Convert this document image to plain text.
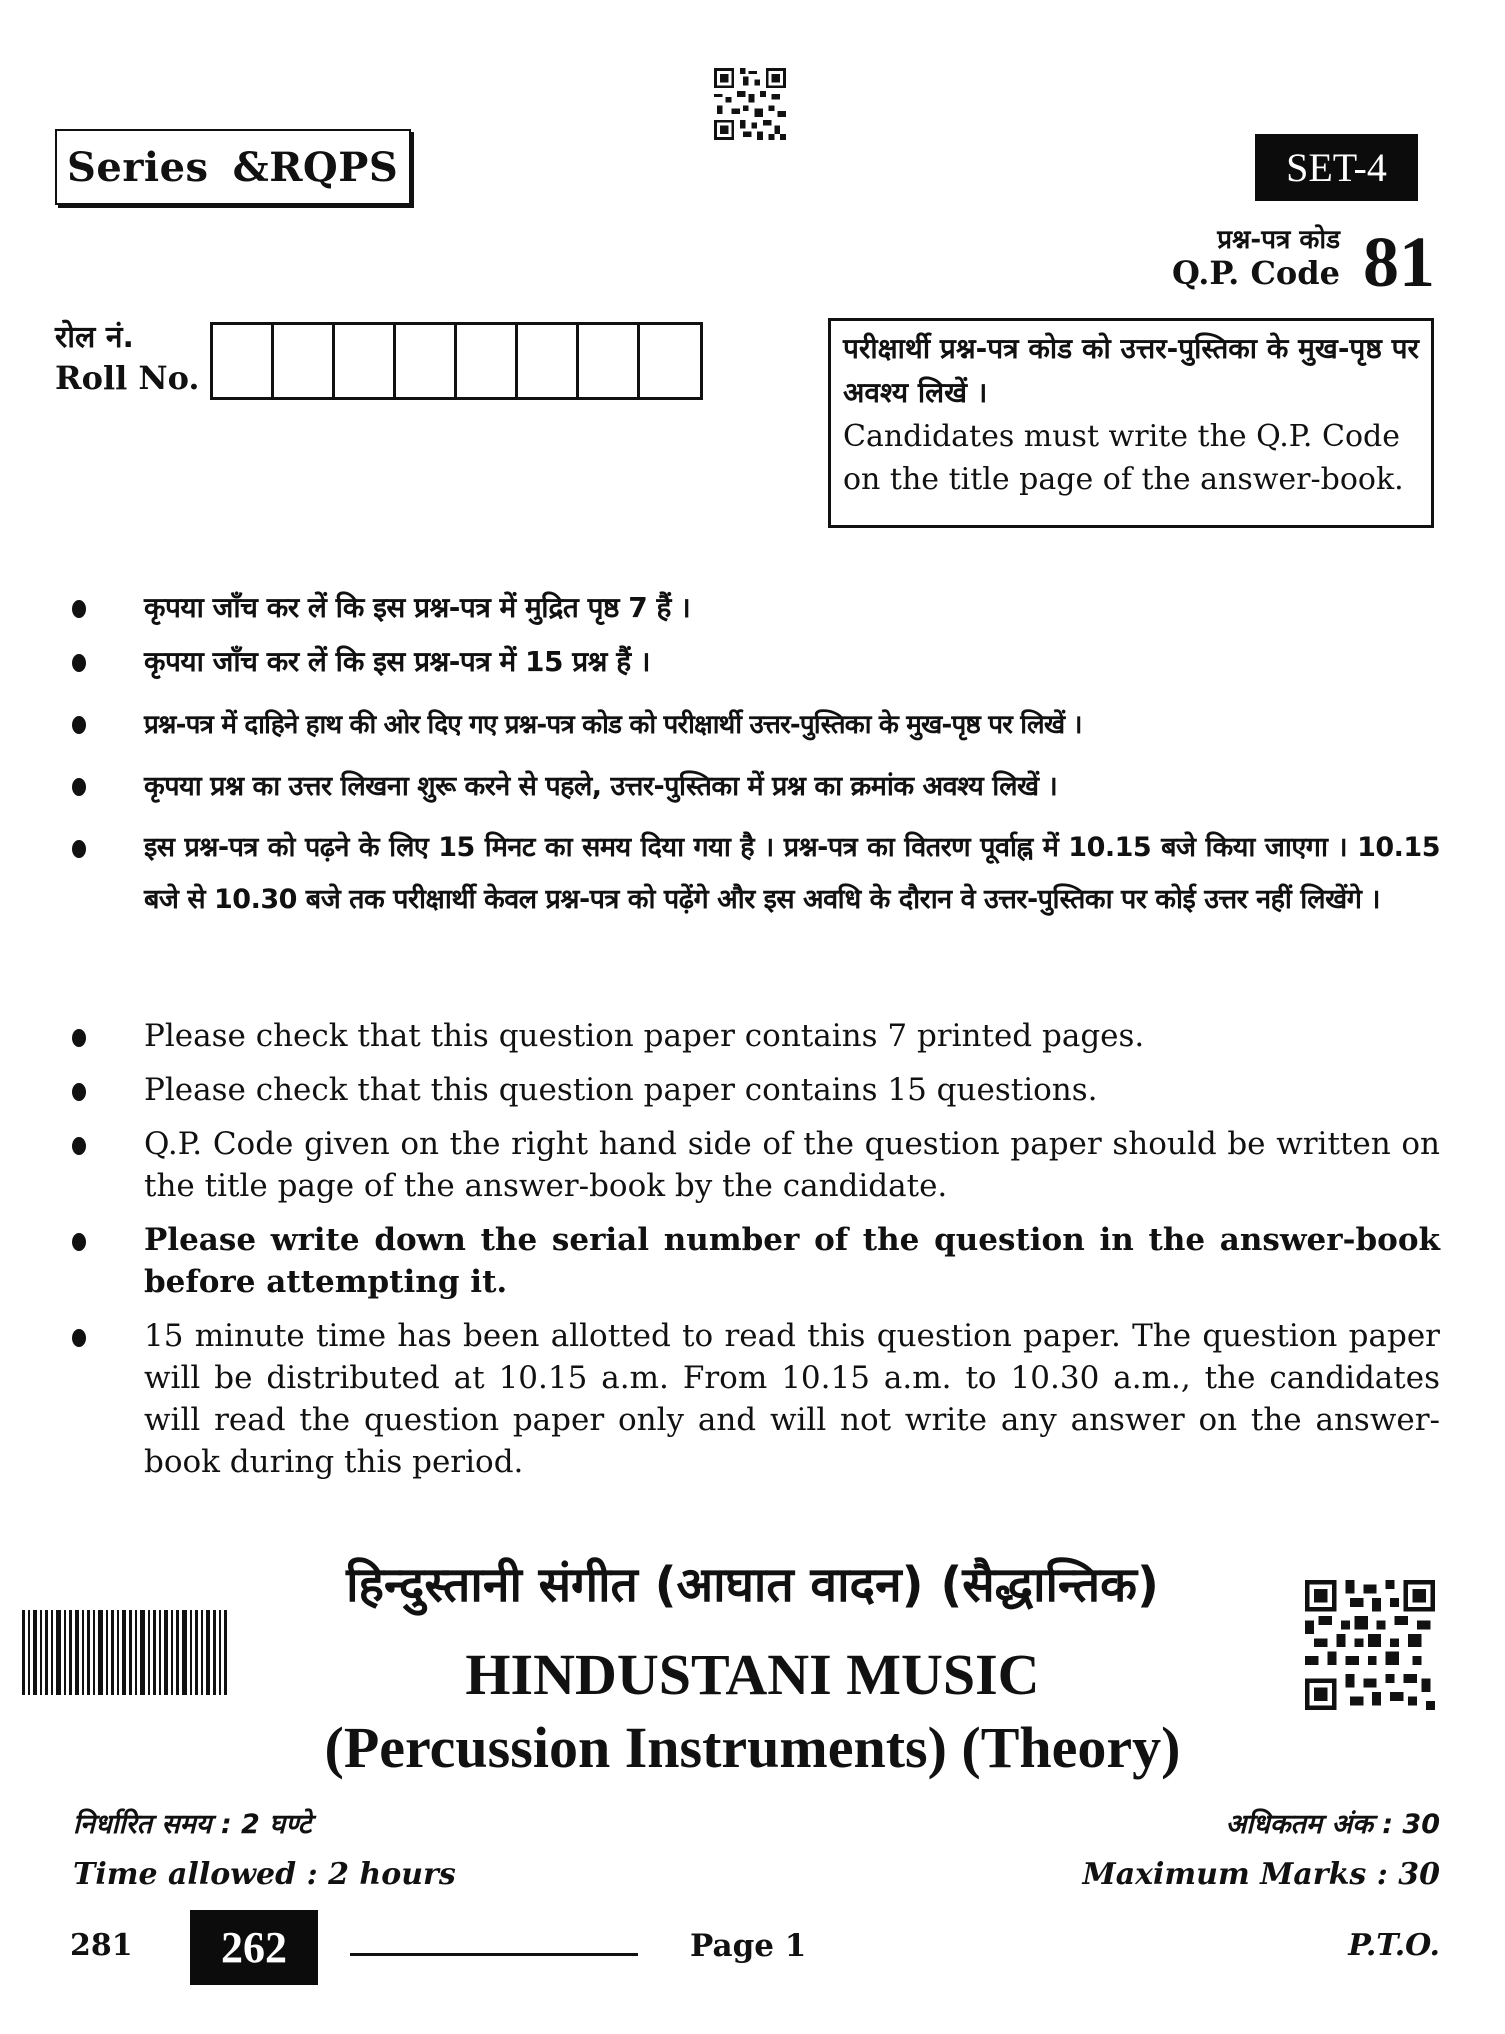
Series &RQPS	SET-4
प्रश्न-पत्र कोड
Q.P. Code 81
रोल नं.
Roll No.
परीक्षार्थी प्रश्न-पत्र कोड को उत्तर-पुस्तिका के मुख-पृष्ठ पर अवश्य लिखें ।
Candidates must write the Q.P. Code on the title page of the answer-book.
कृपया जाँच कर लें कि इस प्रश्न-पत्र में मुद्रित पृष्ठ 7 हैं ।
कृपया जाँच कर लें कि इस प्रश्न-पत्र में 15 प्रश्न हैं ।
प्रश्न-पत्र में दाहिने हाथ की ओर दिए गए प्रश्न-पत्र कोड को परीक्षार्थी उत्तर-पुस्तिका के मुख-पृष्ठ पर लिखें ।
कृपया प्रश्न का उत्तर लिखना शुरू करने से पहले, उत्तर-पुस्तिका में प्रश्न का क्रमांक अवश्य लिखें ।
इस प्रश्न-पत्र को पढ़ने के लिए 15 मिनट का समय दिया गया है । प्रश्न-पत्र का वितरण पूर्वाह्न में 10.15 बजे किया जाएगा । 10.15 बजे से 10.30 बजे तक परीक्षार्थी केवल प्रश्न-पत्र को पढ़ेंगे और इस अवधि के दौरान वे उत्तर-पुस्तिका पर कोई उत्तर नहीं लिखेंगे ।
Please check that this question paper contains 7 printed pages.
Please check that this question paper contains 15 questions.
Q.P. Code given on the right hand side of the question paper should be written on the title page of the answer-book by the candidate.
Please write down the serial number of the question in the answer-book before attempting it.
15 minute time has been allotted to read this question paper. The question paper will be distributed at 10.15 a.m. From 10.15 a.m. to 10.30 a.m., the candidates will read the question paper only and will not write any answer on the answer-book during this period.
हिन्दुस्तानी संगीत (आघात वादन) (सैद्धान्तिक)
HINDUSTANI MUSIC
(Percussion Instruments) (Theory)
निर्धारित समय : 2 घण्टे
Time allowed : 2 hours
अधिकतम अंक : 30
Maximum Marks : 30
281	262	Page 1	P.T.O.
